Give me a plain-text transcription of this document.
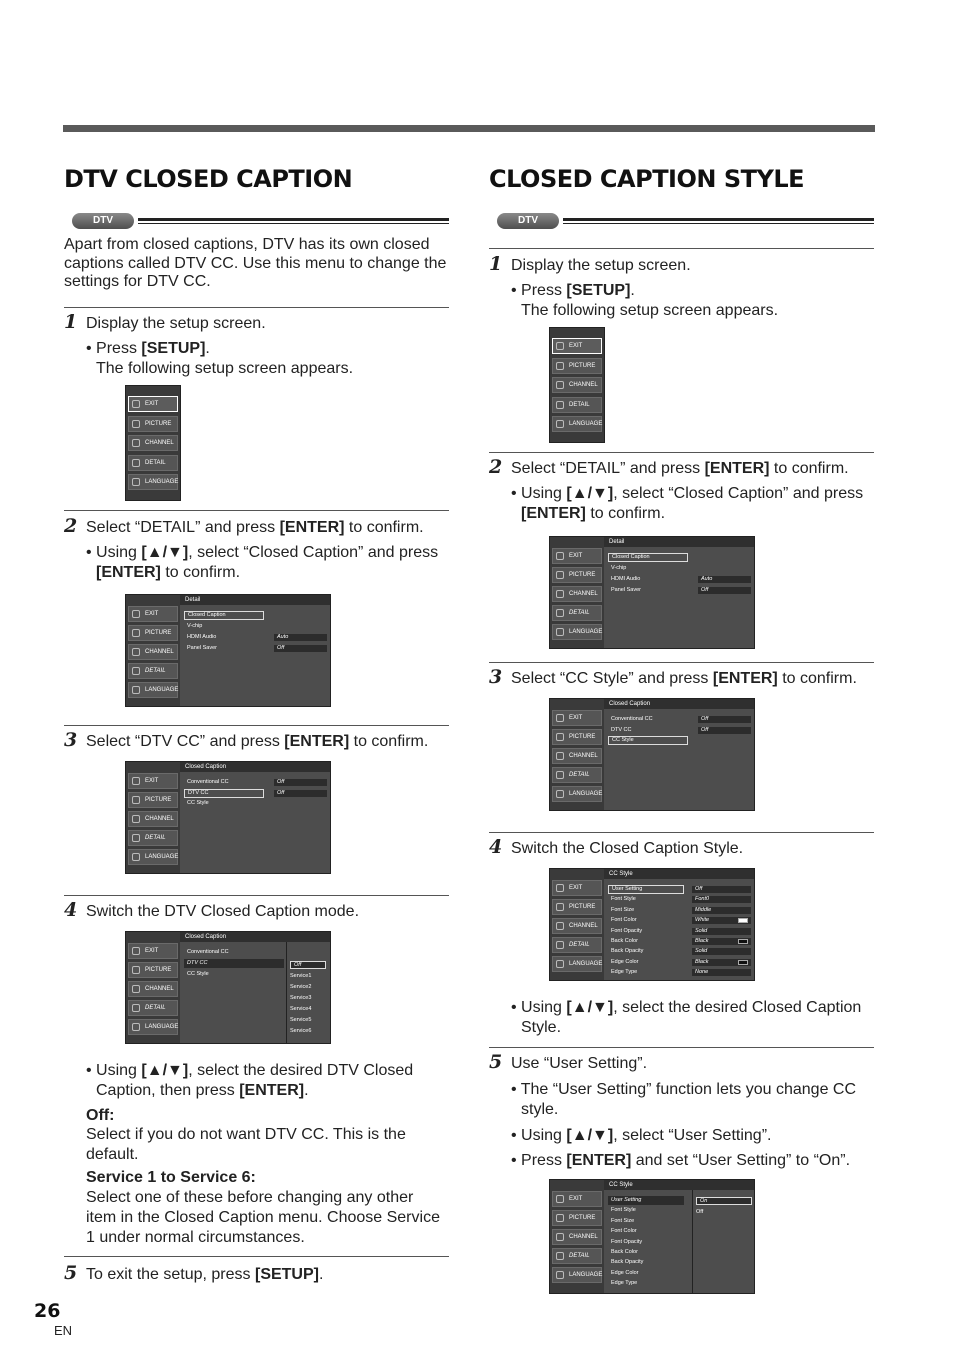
DTV CLOSED CAPTION
DTV
Apart from closed captions, DTV has its own closed captions called DTV CC. Use this menu to change the settings for DTV CC.
1 Display the setup screen.
• Press [SETUP].
The following setup screen appears.
EXIT
PICTURE
CHANNEL
DETAIL
LANGUAGE
2 Select “DETAIL” and press [ENTER] to confirm.
• Using [▲/▼], select “Closed Caption” and press [ENTER] to confirm.
EXIT
PICTURE
CHANNEL
DETAIL
LANGUAGE
Detail
Closed Caption
V-chip
HDMI Audio
Panel Saver
Auto
Off
3 Select “DTV CC” and press [ENTER] to confirm.
EXIT
PICTURE
CHANNEL
DETAIL
LANGUAGE
Closed Caption
Conventional CC
DTV CC
CC Style
Off
Off
4 Switch the DTV Closed Caption mode.
EXIT
PICTURE
CHANNEL
DETAIL
LANGUAGE
Closed Caption
Conventional CC
DTV CC
CC Style
Off
Service1
Service2
Service3
Service4
Service5
Service6
• Using [▲/▼], select the desired DTV Closed Caption, then press [ENTER].
Off:
Select if you do not want DTV CC. This is the default.
Service 1 to Service 6:
Select one of these before changing any other item in the Closed Caption menu. Choose Service 1 under normal circumstances.
5 To exit the setup, press [SETUP].
CLOSED CAPTION STYLE
DTV
1 Display the setup screen.
• Press [SETUP].
The following setup screen appears.
EXIT
PICTURE
CHANNEL
DETAIL
LANGUAGE
2 Select “DETAIL” and press [ENTER] to confirm.
• Using [▲/▼], select “Closed Caption” and press [ENTER] to confirm.
EXIT
PICTURE
CHANNEL
DETAIL
LANGUAGE
Detail
Closed Caption
V-chip
HDMI Audio
Panel Saver
Auto
Off
3 Select “CC Style” and press [ENTER] to confirm.
EXIT
PICTURE
CHANNEL
DETAIL
LANGUAGE
Closed Caption
Conventional CC
DTV CC
CC Style
Off
Off
4 Switch the Closed Caption Style.
EXIT
PICTURE
CHANNEL
DETAIL
LANGUAGE
CC Style
User Setting
Font Style
Font Size
Font Color
Font Opacity
Back Color
Back Opacity
Edge Color
Edge Type
Off
Font0
Middle
White
Solid
Black
Solid
Black
None
• Using [▲/▼], select the desired Closed Caption Style.
5 Use “User Setting”.
• The “User Setting” function lets you change CC style.
• Using [▲/▼], select “User Setting”.
• Press [ENTER] and set “User Setting” to “On”.
EXIT
PICTURE
CHANNEL
DETAIL
LANGUAGE
CC Style
User Setting
Font Style
Font Size
Font Color
Font Opacity
Back Color
Back Opacity
Edge Color
Edge Type
On
Off
26
EN
